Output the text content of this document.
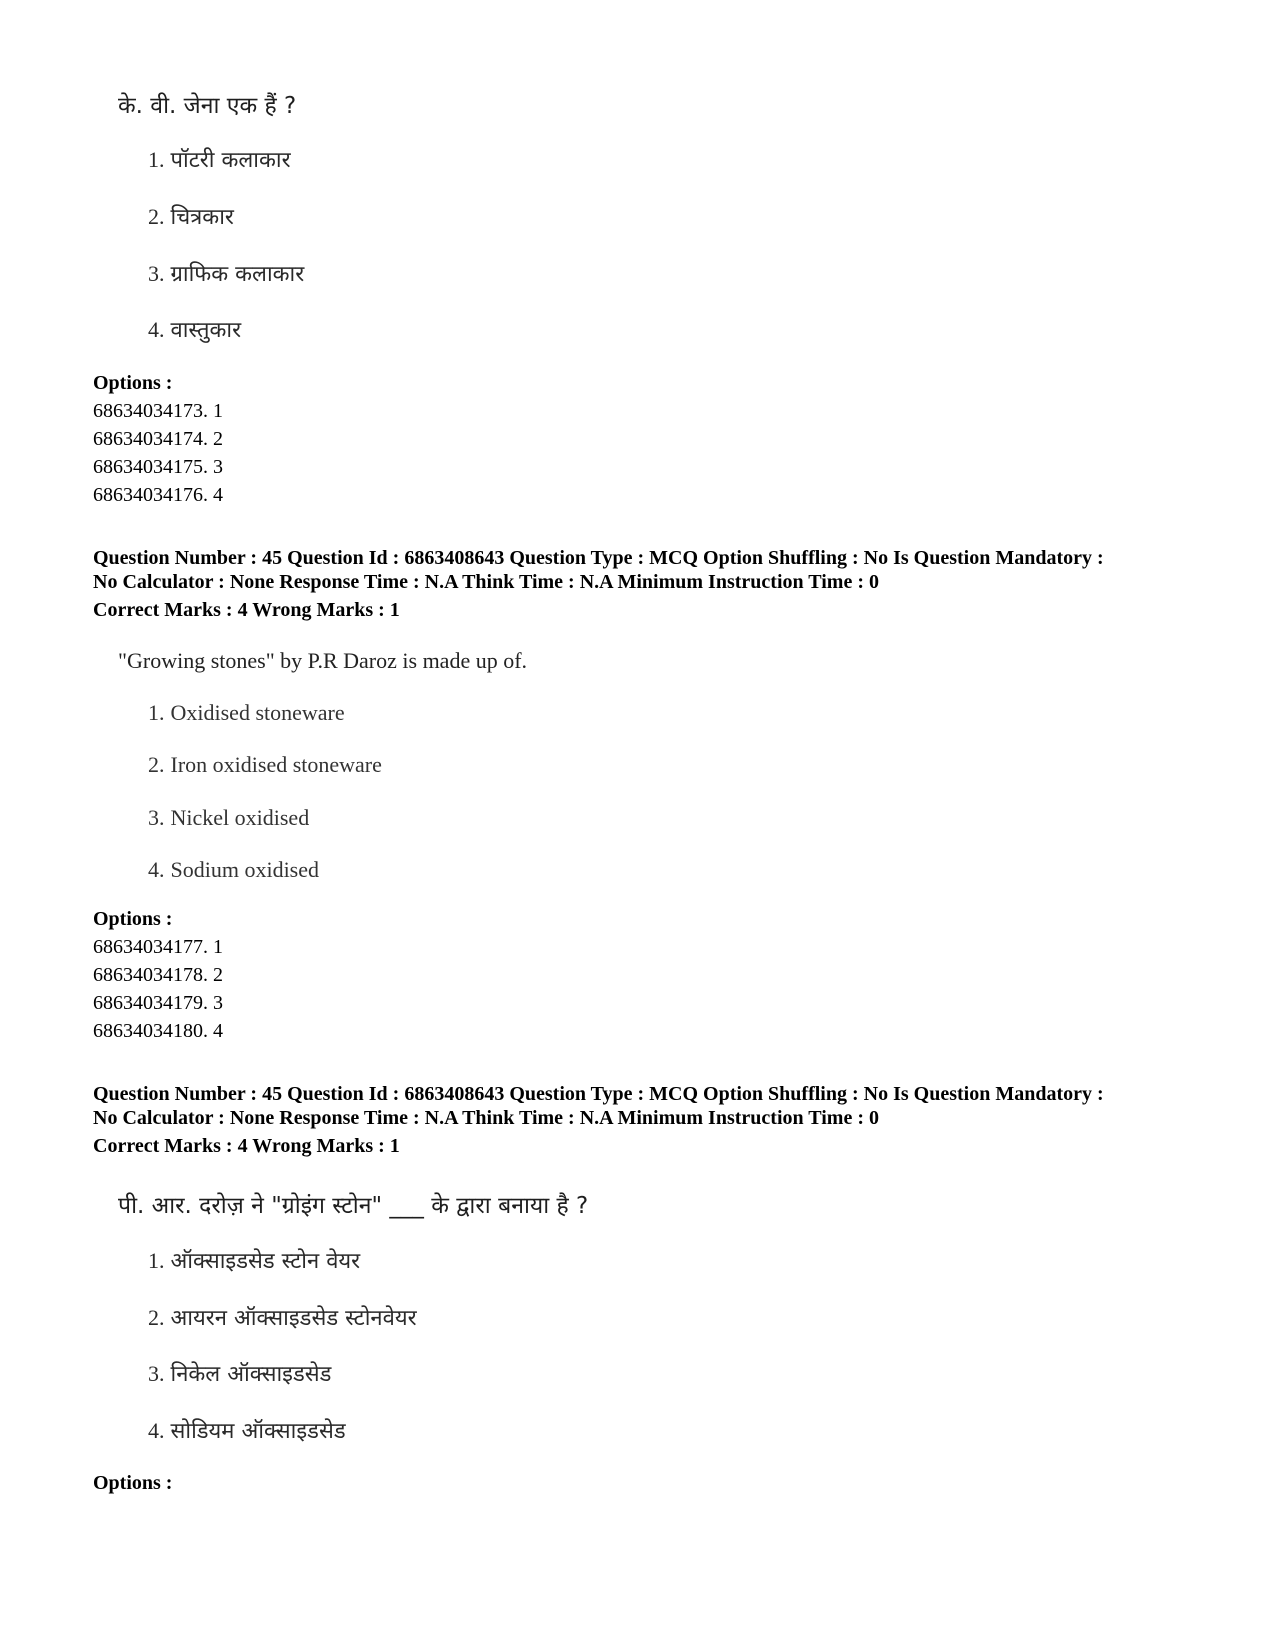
के. वी. जेना एक हैं ?
1. पॉटरी कलाकार
2. चित्रकार
3. ग्राफिक कलाकार
4. वास्तुकार
Options :
68634034173. 1
68634034174. 2
68634034175. 3
68634034176. 4
Question Number : 45 Question Id : 6863408643 Question Type : MCQ Option Shuffling : No Is Question Mandatory :
No Calculator : None Response Time : N.A Think Time : N.A Minimum Instruction Time : 0
Correct Marks : 4 Wrong Marks : 1
"Growing stones" by P.R Daroz is made up of.
1. Oxidised stoneware
2. Iron oxidised stoneware
3. Nickel oxidised
4. Sodium oxidised
Options :
68634034177. 1
68634034178. 2
68634034179. 3
68634034180. 4
Question Number : 45 Question Id : 6863408643 Question Type : MCQ Option Shuffling : No Is Question Mandatory :
No Calculator : None Response Time : N.A Think Time : N.A Minimum Instruction Time : 0
Correct Marks : 4 Wrong Marks : 1
पी. आर. दरोज़ ने "ग्रोइंग स्टोन" ___ के द्वारा बनाया है ?
1. ऑक्साइडसेड स्टोन वेयर
2. आयरन ऑक्साइडसेड स्टोनवेयर
3. निकेल ऑक्साइडसेड
4. सोडियम ऑक्साइडसेड
Options :
